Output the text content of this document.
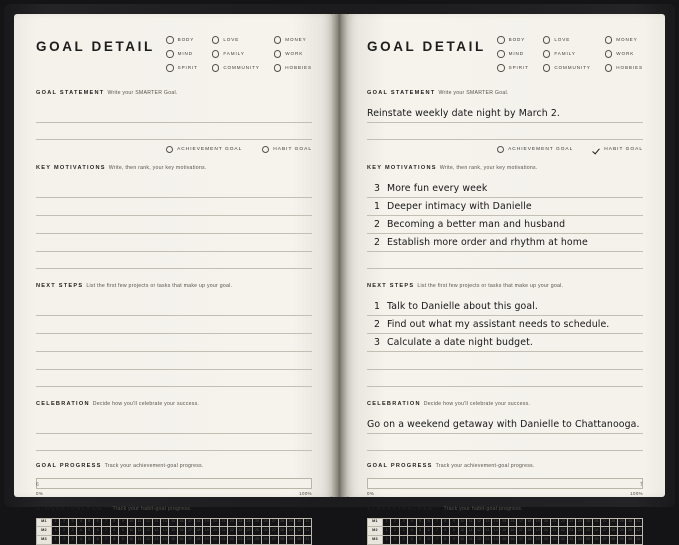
GOAL DETAIL	BODY
MIND
SPIRIT
LOVE
FAMILY
COMMUNITY
MONEY
WORK
HOBBIES
GOAL STATEMENT Write your SMARTER Goal.
ACHIEVEMENT GOAL	HABIT GOAL
KEY MOTIVATIONS Write, then rank, your key motivations.
NEXT STEPS List the first few projects or tasks that make up your goal.
CELEBRATION Decide how you'll celebrate your success.
GOAL PROGRESS Track your achievement-goal progress.
0%	100%
STREAKTRACKER™ Track your habit-goal progress.
M1	1	2	3	4	5	6	7	8	9	10	11	12	13	14	15	16	17	18	19	20	21	22	23	24	25	26	27	28	29	30	31
M2	1	2	3	4	5	6	7	8	9	10	11	12	13	14	15	16	17	18	19	20	21	22	23	24	25	26	27	28	29	30	31
M3	1	2	3	4	5	6	7	8	9	10	11	12	13	14	15	16	17	18	19	20	21	22	23	24	25	26	27	28	29	30	31
6
GOAL DETAIL	BODY
MIND
SPIRIT
LOVE
FAMILY
COMMUNITY
MONEY
WORK
HOBBIES
GOAL STATEMENT Write your SMARTER Goal.
Reinstate weekly date night by March 2.
ACHIEVEMENT GOAL	HABIT GOAL
KEY MOTIVATIONS Write, then rank, your key motivations.
3 More fun every week
1 Deeper intimacy with Danielle
2 Becoming a better man and husband
2 Establish more order and rhythm at home
NEXT STEPS List the first few projects or tasks that make up your goal.
1 Talk to Danielle about this goal.
2 Find out what my assistant needs to schedule.
3 Calculate a date night budget.
CELEBRATION Decide how you'll celebrate your success.
Go on a weekend getaway with Danielle to Chattanooga.
GOAL PROGRESS Track your achievement-goal progress.
0%	100%
STREAKTRACKER™ Track your habit-goal progress.
M1	1	2	3	4	5	6	7	8	9	10	11	12	13	14	15	16	17	18	19	20	21	22	23	24	25	26	27	28	29	30	31
M2	1	2	3	4	5	6	7	8	9	10	11	12	13	14	15	16	17	18	19	20	21	22	23	24	25	26	27	28	29	30	31
M3	1	2	3	4	5	6	7	8	9	10	11	12	13	14	15	16	17	18	19	20	21	22	23	24	25	26	27	28	29	30	31
7
